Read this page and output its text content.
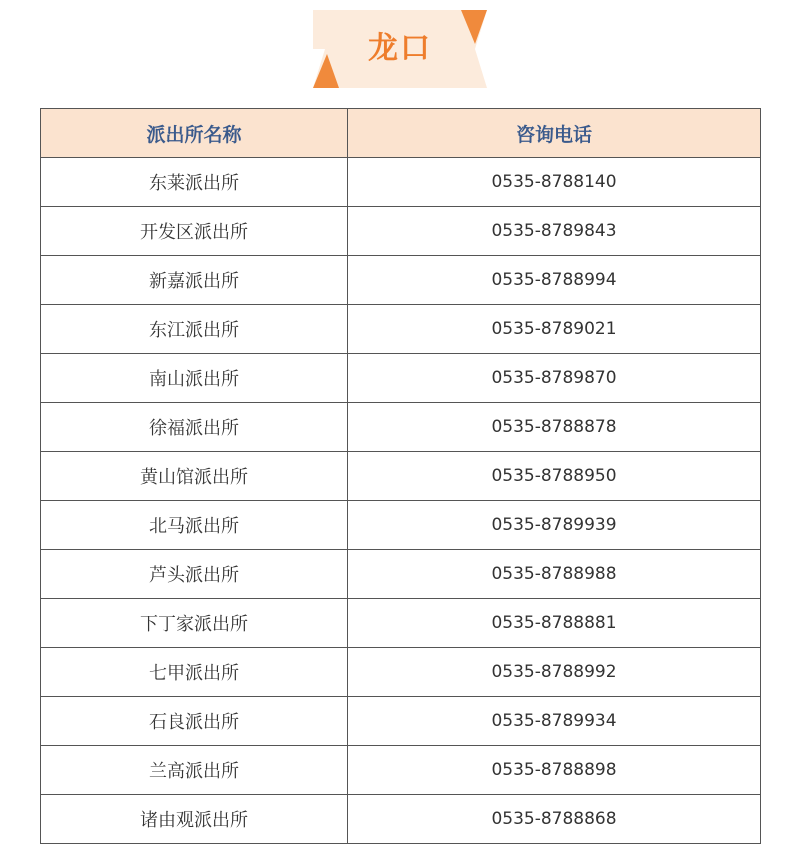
龙口
派出所名称	咨询电话
东莱派出所	0535-8788140
开发区派出所	0535-8789843
新嘉派出所	0535-8788994
东江派出所	0535-8789021
南山派出所	0535-8789870
徐福派出所	0535-8788878
黄山馆派出所	0535-8788950
北马派出所	0535-8789939
芦头派出所	0535-8788988
下丁家派出所	0535-8788881
七甲派出所	0535-8788992
石良派出所	0535-8789934
兰高派出所	0535-8788898
诸由观派出所	0535-8788868
